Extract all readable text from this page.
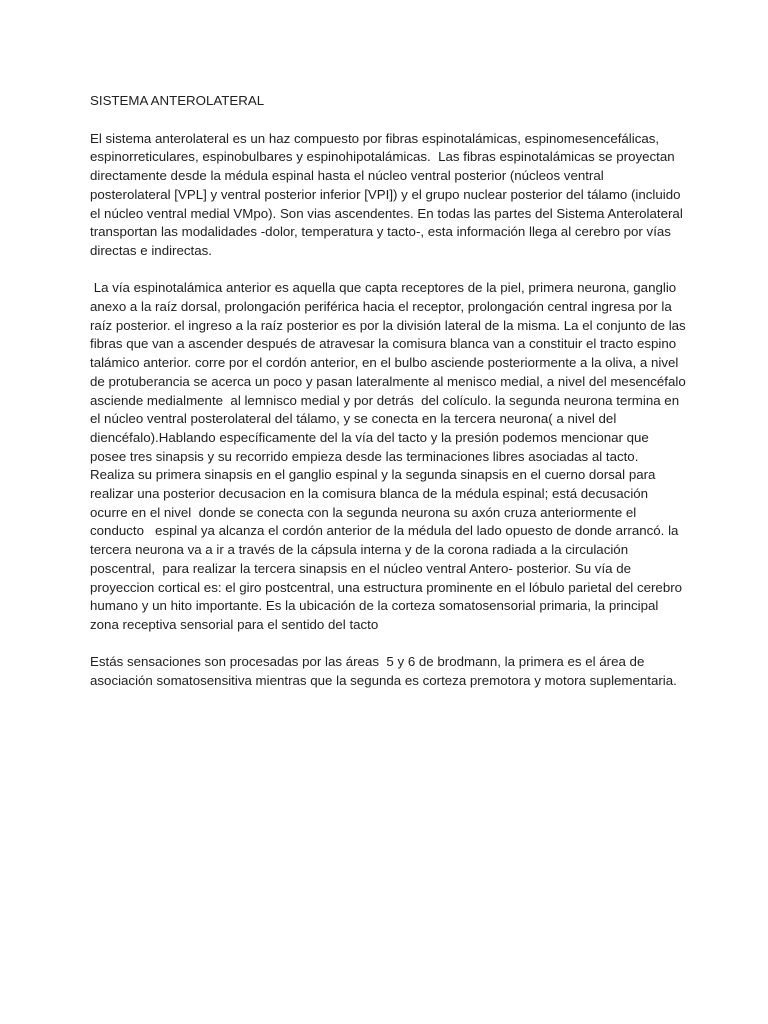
SISTEMA ANTEROLATERAL

El sistema anterolateral es un haz compuesto por fibras espinotalámicas, espinomesencefálicas, espinorreticulares, espinobulbares y espinohipotalámicas.  Las fibras espinotalámicas se proyectan directamente desde la médula espinal hasta el núcleo ventral posterior (núcleos ventral posterolateral [VPL] y ventral posterior inferior [VPI]) y el grupo nuclear posterior del tálamo (incluido el núcleo ventral medial VMpo). Son vias ascendentes. En todas las partes del Sistema Anterolateral  transportan las modalidades -dolor, temperatura y tacto-, esta información llega al cerebro por vías directas e indirectas.

La vía espinotalámica anterior es aquella que capta receptores de la piel, primera neurona, ganglio anexo a la raíz dorsal, prolongación periférica hacia el receptor, prolongación central ingresa por la raíz posterior. el ingreso a la raíz posterior es por la división lateral de la misma. La el conjunto de las fibras que van a ascender después de atravesar la comisura blanca van a constituir el tracto espino talámico anterior. corre por el cordón anterior, en el bulbo asciende posteriormente a la oliva, a nivel de protuberancia se acerca un poco y pasan lateralmente al menisco medial, a nivel del mesencéfalo asciende medialmente  al lemnisco medial y por detrás  del colículo. la segunda neurona termina en el núcleo ventral posterolateral del tálamo, y se conecta en la tercera neurona( a nivel del diencéfalo).Hablando específicamente del la vía del tacto y la presión podemos mencionar que posee tres sinapsis y su recorrido empieza desde las terminaciones libres asociadas al tacto. Realiza su primera sinapsis en el ganglio espinal y la segunda sinapsis en el cuerno dorsal para realizar una posterior decusacion en la comisura blanca de la médula espinal; está decusación ocurre en el nivel  donde se conecta con la segunda neurona su axón cruza anteriormente el conducto   espinal ya alcanza el cordón anterior de la médula del lado opuesto de donde arrancó. la tercera neurona va a ir a través de la cápsula interna y de la corona radiada a la circulación poscentral,  para realizar la tercera sinapsis en el núcleo ventral Antero- posterior. Su vía de proyeccion cortical es: el giro postcentral, una estructura prominente en el lóbulo parietal del cerebro humano y un hito importante. Es la ubicación de la corteza somatosensorial primaria, la principal zona receptiva sensorial para el sentido del tacto

Estás sensaciones son procesadas por las áreas  5 y 6 de brodmann, la primera es el área de asociación somatosensitiva mientras que la segunda es corteza premotora y motora suplementaria.
